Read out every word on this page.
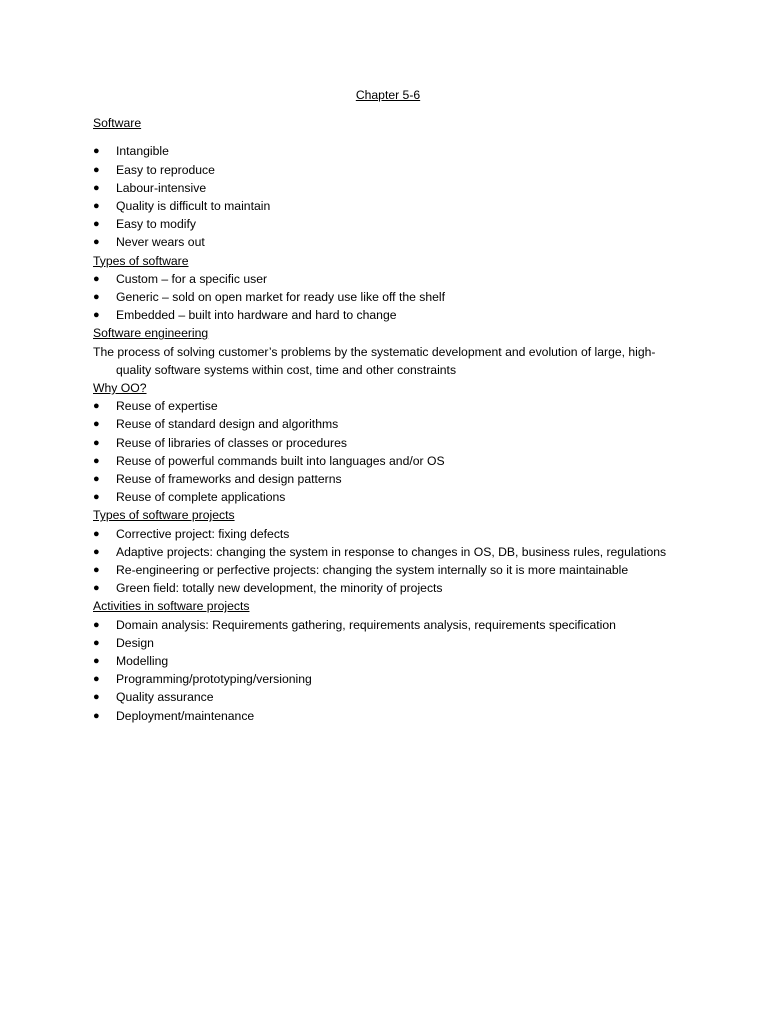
Chapter 5-6
Software
● Intangible
● Easy to reproduce
● Labour-intensive
● Quality is difficult to maintain
● Easy to modify
● Never wears out
Types of software
● Custom – for a specific user
● Generic – sold on open market for ready use like off the shelf
● Embedded – built into hardware and hard to change
Software engineering
The process of solving customer’s problems by the systematic development and evolution of large, high-quality software systems within cost, time and other constraints
Why OO?
● Reuse of expertise
● Reuse of standard design and algorithms
● Reuse of libraries of classes or procedures
● Reuse of powerful commands built into languages and/or OS
● Reuse of frameworks and design patterns
● Reuse of complete applications
Types of software projects
● Corrective project: fixing defects
● Adaptive projects: changing the system in response to changes in OS, DB, business rules, regulations
● Re-engineering or perfective projects: changing the system internally so it is more maintainable
● Green field: totally new development, the minority of projects
Activities in software projects
● Domain analysis: Requirements gathering, requirements analysis, requirements specification
● Design
● Modelling
● Programming/prototyping/versioning
● Quality assurance
● Deployment/maintenance
